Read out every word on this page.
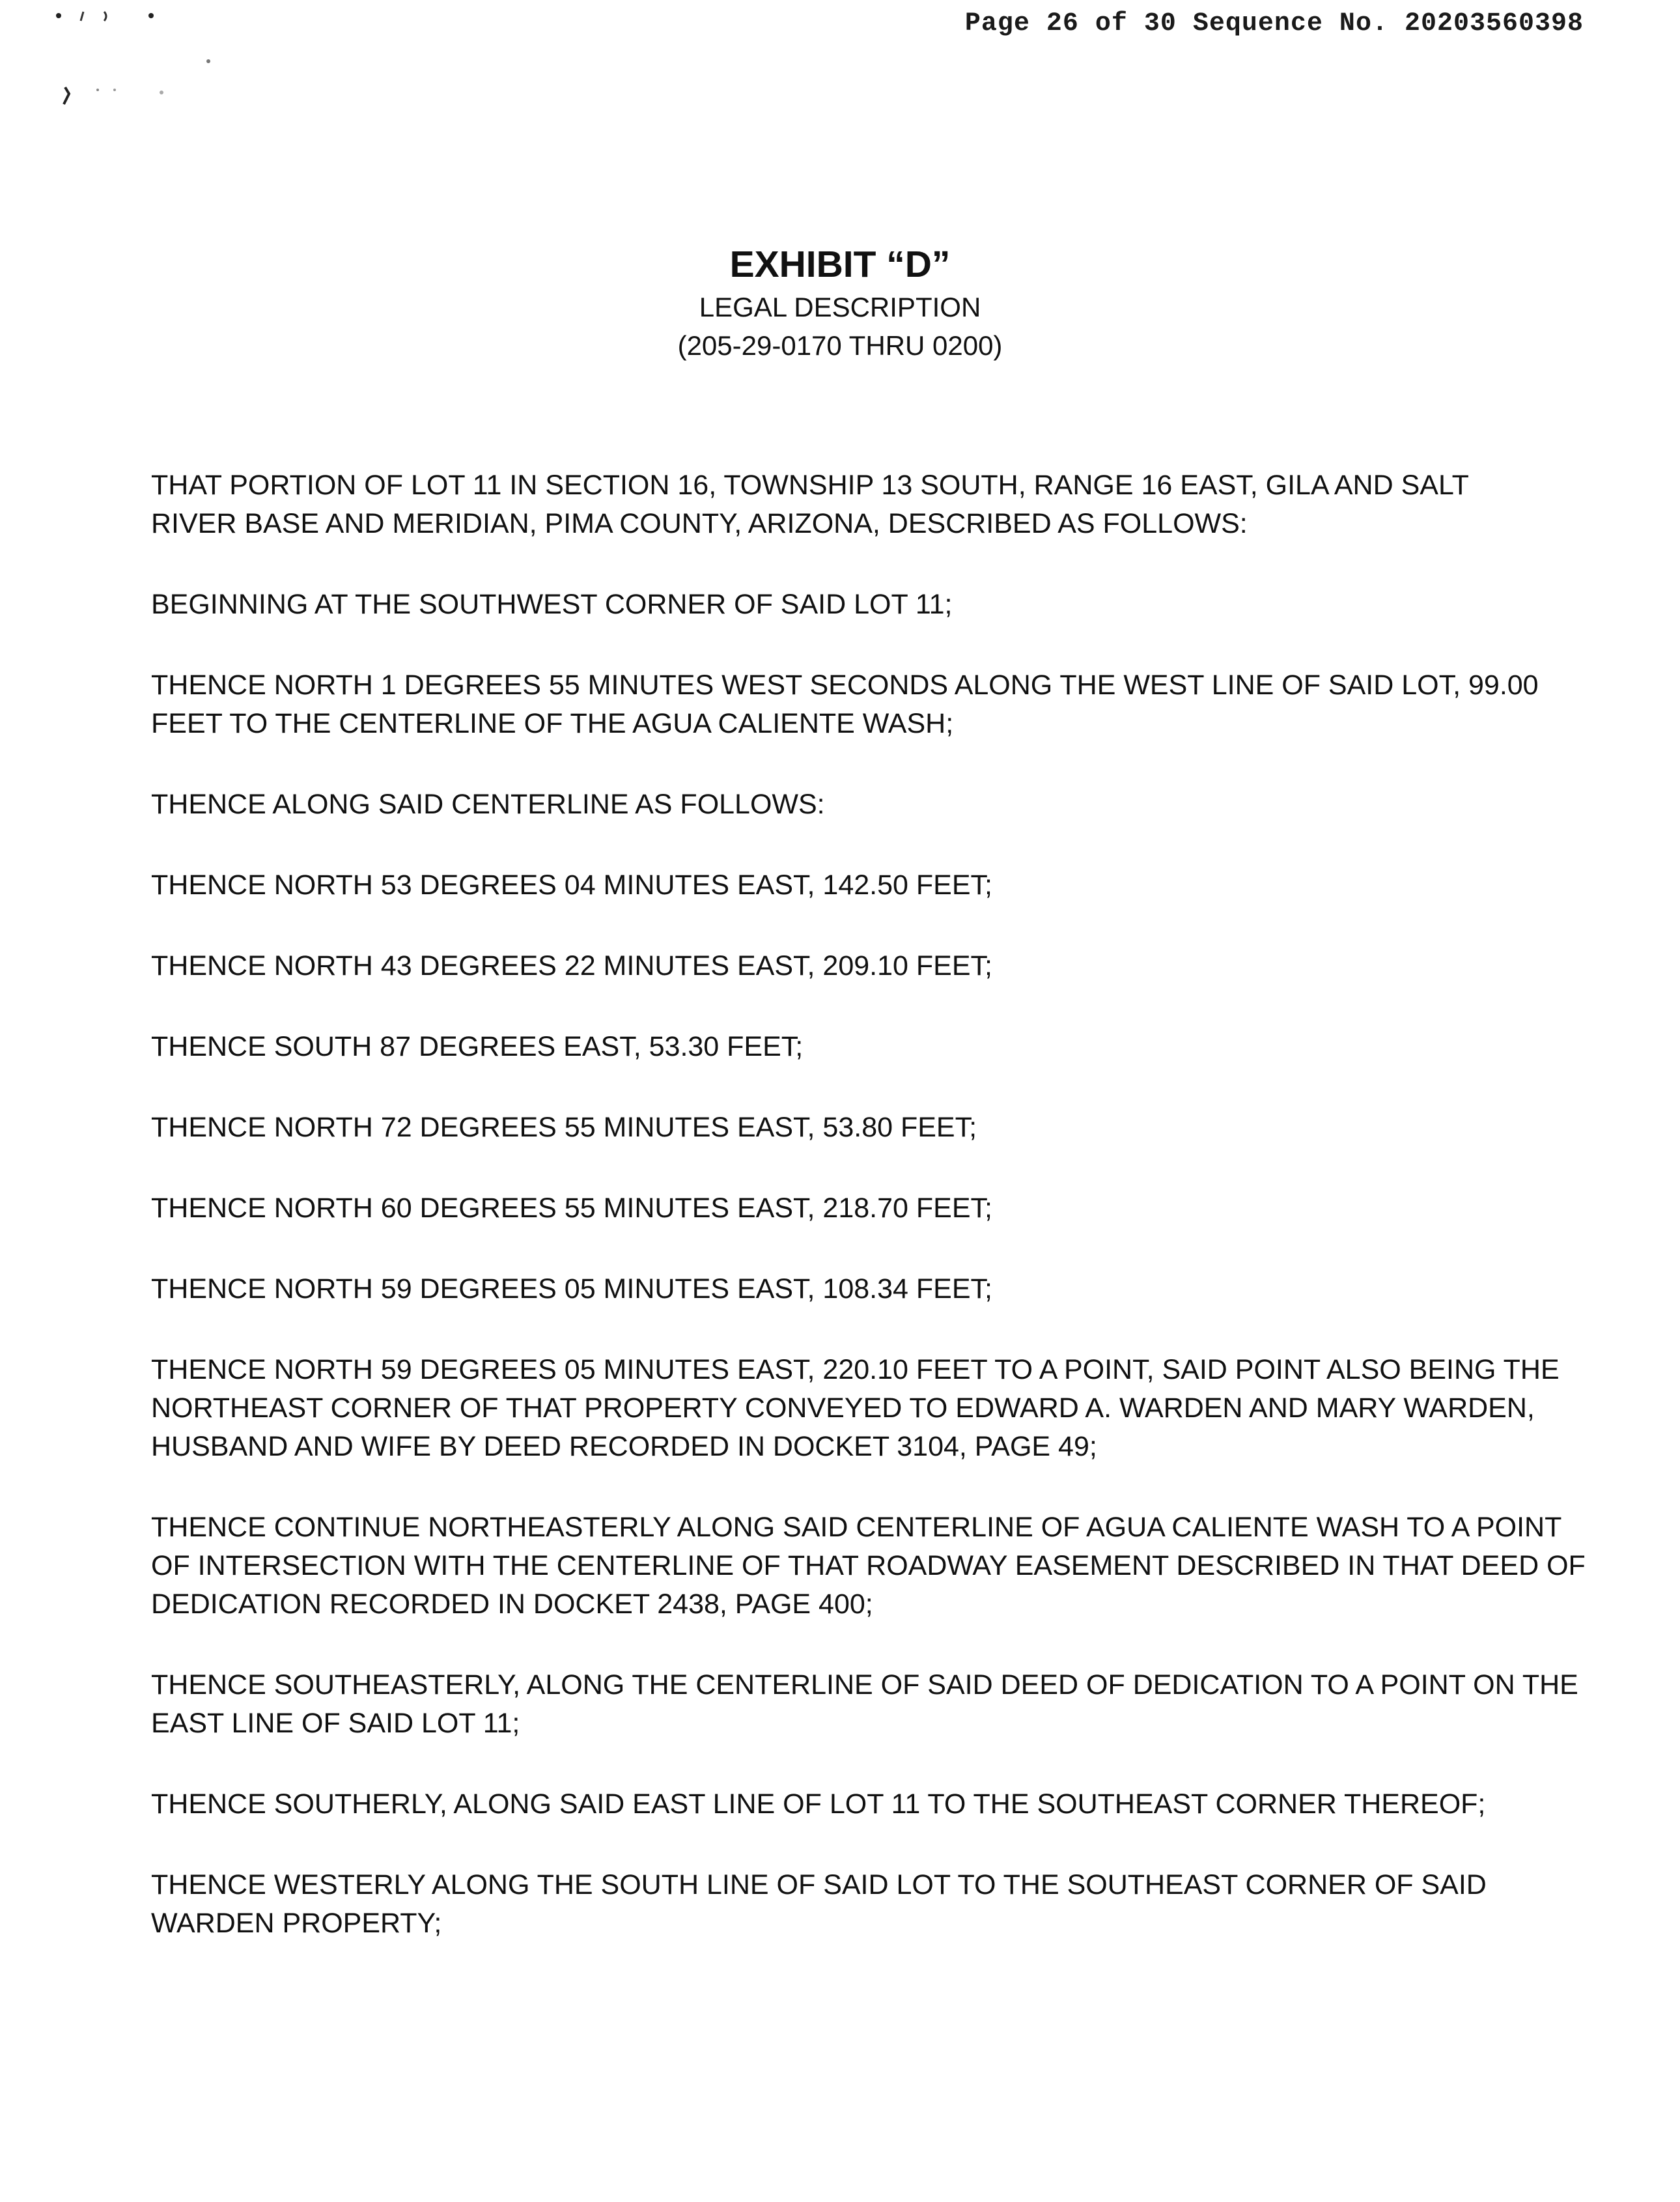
Page 26 of 30 Sequence No. 20203560398

EXHIBIT “D”

LEGAL DESCRIPTION

(205-29-0170 THRU 0200)

THAT PORTION OF LOT 11 IN SECTION 16, TOWNSHIP 13 SOUTH, RANGE 16 EAST, GILA AND SALT
RIVER BASE AND MERIDIAN, PIMA COUNTY, ARIZONA, DESCRIBED AS FOLLOWS:

BEGINNING AT THE SOUTHWEST CORNER OF SAID LOT 11;

THENCE NORTH 1 DEGREES 55 MINUTES WEST SECONDS ALONG THE WEST LINE OF SAID LOT, 99.00
FEET TO THE CENTERLINE OF THE AGUA CALIENTE WASH;

THENCE ALONG SAID CENTERLINE AS FOLLOWS:

THENCE NORTH 53 DEGREES 04 MINUTES EAST, 142.50 FEET;

THENCE NORTH 43 DEGREES 22 MINUTES EAST, 209.10 FEET;

THENCE SOUTH 87 DEGREES EAST, 53.30 FEET;

THENCE NORTH 72 DEGREES 55 MINUTES EAST, 53.80 FEET;

THENCE NORTH 60 DEGREES 55 MINUTES EAST, 218.70 FEET;

THENCE NORTH 59 DEGREES 05 MINUTES EAST, 108.34 FEET;

THENCE NORTH 59 DEGREES 05 MINUTES EAST, 220.10 FEET TO A POINT, SAID POINT ALSO BEING THE
NORTHEAST CORNER OF THAT PROPERTY CONVEYED TO EDWARD A. WARDEN AND MARY WARDEN,
HUSBAND AND WIFE BY DEED RECORDED IN DOCKET 3104, PAGE 49;

THENCE CONTINUE NORTHEASTERLY ALONG SAID CENTERLINE OF AGUA CALIENTE WASH TO A POINT
OF INTERSECTION WITH THE CENTERLINE OF THAT ROADWAY EASEMENT DESCRIBED IN THAT DEED OF
DEDICATION RECORDED IN DOCKET 2438, PAGE 400;

THENCE SOUTHEASTERLY, ALONG THE CENTERLINE OF SAID DEED OF DEDICATION TO A POINT ON THE
EAST LINE OF SAID LOT 11;

THENCE SOUTHERLY, ALONG SAID EAST LINE OF LOT 11 TO THE SOUTHEAST CORNER THEREOF;

THENCE WESTERLY ALONG THE SOUTH LINE OF SAID LOT TO THE SOUTHEAST CORNER OF SAID
WARDEN PROPERTY;
